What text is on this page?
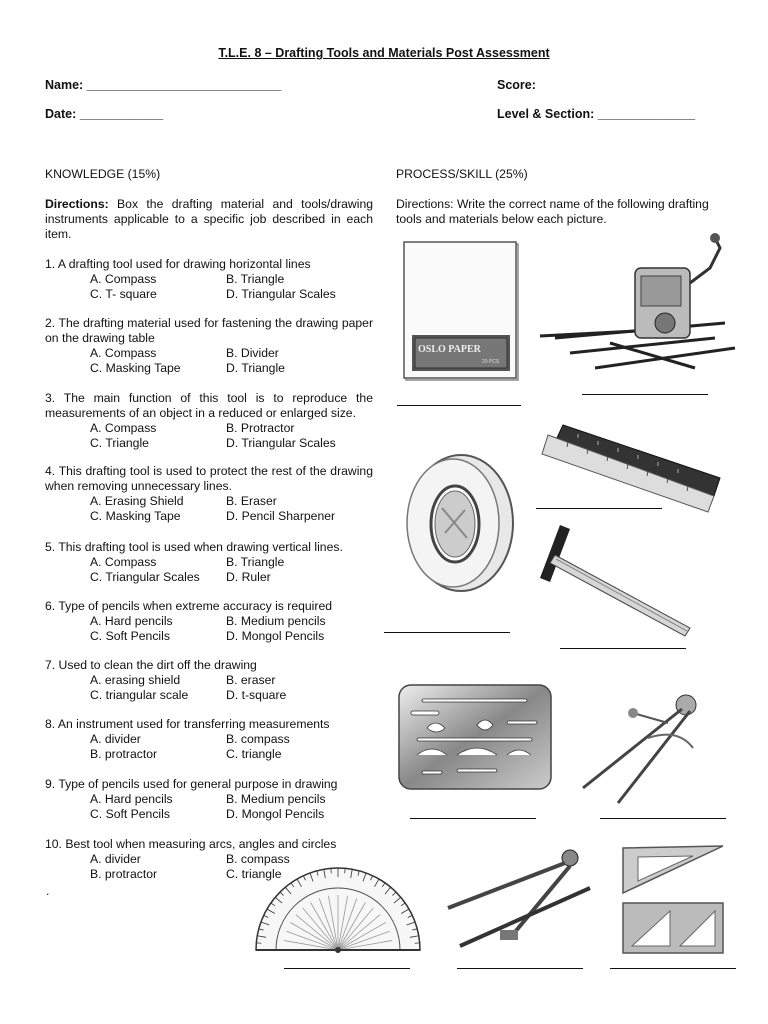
T.L.E. 8 – Drafting Tools and Materials Post Assessment
Name: ____________________________	Score:
Date: ____________	Level & Section: ______________
KNOWLEDGE (15%)
Directions: Box the drafting material and tools/drawing instruments applicable to a specific job described in each item.
1. A drafting tool used for drawing horizontal lines
A. Compass	B. Triangle
C. T- square	D. Triangular Scales
2. The drafting material used for fastening the drawing paper on the drawing table
A. Compass	B. Divider
C. Masking Tape	D. Triangle
3. The main function of this tool is to reproduce the measurements of an object in a reduced or enlarged size.
A. Compass	B. Protractor
C. Triangle	D. Triangular Scales
4. This drafting tool is used to protect the rest of the drawing when removing unnecessary lines.
A. Erasing Shield	B. Eraser
C. Masking Tape	D. Pencil Sharpener
5. This drafting tool is used when drawing vertical lines.
A. Compass	B. Triangle
C. Triangular Scales D. Ruler
6. Type of pencils when extreme accuracy is required
A. Hard pencils	B. Medium pencils
C. Soft Pencils	D. Mongol Pencils
7. Used to clean the dirt off the drawing
A. erasing shield	B. eraser
C. triangular scale	D. t-square
8. An instrument used for transferring measurements
A. divider	B. compass
B. protractor	C. triangle
9. Type of pencils used for general purpose in drawing
A. Hard pencils	B. Medium pencils
C. Soft Pencils	D. Mongol Pencils
10. Best tool when measuring arcs, angles and circles
A. divider	B. compass
B. protractor	C. triangle
.
PROCESS/SKILL (25%)
Directions: Write the correct name of the following drafting tools and materials below each picture.
OSLO PAPER
20 PCS
